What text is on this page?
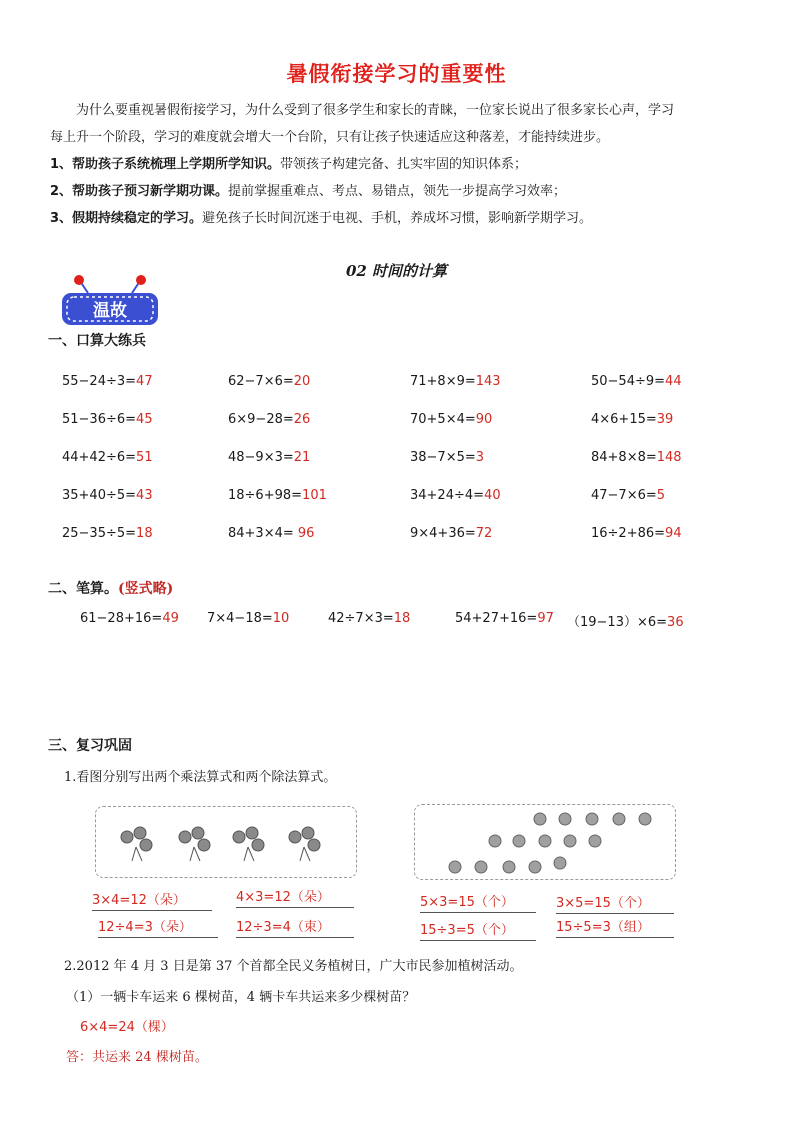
暑假衔接学习的重要性
为什么要重视暑假衔接学习，为什么受到了很多学生和家长的青睐，一位家长说出了很多家长心声，学习
每上升一个阶段，学习的难度就会增大一个台阶，只有让孩子快速适应这种落差，才能持续进步。
1、帮助孩子系统梳理上学期所学知识。带领孩子构建完备、扎实牢固的知识体系；
2、帮助孩子预习新学期功课。提前掌握重难点、考点、易错点，领先一步提高学习效率；
3、假期持续稳定的学习。避免孩子长时间沉迷于电视、手机，养成坏习惯，影响新学期学习。
02 时间的计算
温故
一、口算大练兵
55−24÷3=47	62−7×6=20	71+8×9=143	50−54÷9=44
51−36÷6=45	6×9−28=26	70+5×4=90	4×6+15=39
44+42÷6=51	48−9×3=21	38−7×5=3	84+8×8=148
35+40÷5=43	18÷6+98=101	34+24÷4=40	47−7×6=5
25−35÷5=18	84+3×4= 96	9×4+36=72	16÷2+86=94
二、笔算。(竖式略)
61−28+16=49 7×4−18=10	42÷7×3=18	54+27+16=97 （19−13）×6=36
三、复习巩固
1.看图分别写出两个乘法算式和两个除法算式。
3×4=12（朵）	4×3=12（朵）
12÷4=3（朵）	12÷3=4（束）
5×3=15（个）	3×5=15（个）
15÷3=5（个）	15÷5=3（组）
2.2012 年 4 月 3 日是第 37 个首都全民义务植树日，广大市民参加植树活动。
（1）一辆卡车运来 6 棵树苗，4 辆卡车共运来多少棵树苗？
6×4=24（棵）
答：共运来 24 棵树苗。
